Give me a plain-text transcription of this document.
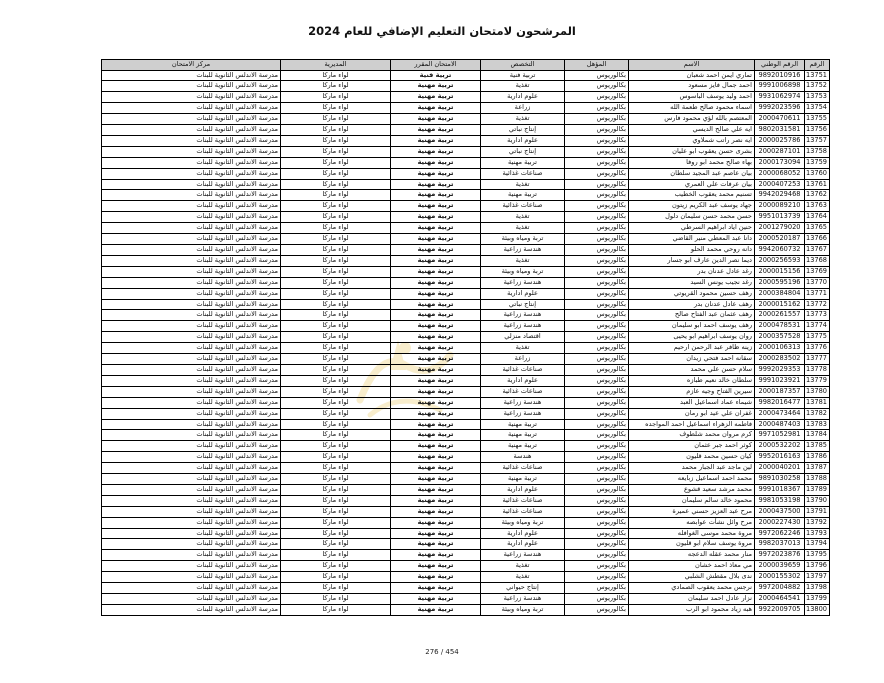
المرشحون لامتحان التعليم الإضافي للعام 2024
الرقم	الرقم الوطني	الاسم	المؤهل	التخصص	الامتحان المقرر	المديرية	مركز الامتحان
13751	9892010916	تماري ايمن احمد شعبان	بكالوريوس	تربية فنية	تربية فنية	لواء ماركا	مدرسة الاندلس الثانوية للبنات
13752	9991006898	احمد جمال فايز مسعود	بكالوريوس	تغذية	تربية مهنية	لواء ماركا	مدرسة الاندلس الثانوية للبنات
13753	9931062974	احمد وليد يوسف الباسوس	بكالوريوس	علوم ادارية	تربية مهنية	لواء ماركا	مدرسة الاندلس الثانوية للبنات
13754	9992023596	اسماء محمود صالح طعمة الله	بكالوريوس	زراعة	تربية مهنية	لواء ماركا	مدرسة الاندلس الثانوية للبنات
13755	2000470611	المعتصم بالله لؤي محمود فارس	بكالوريوس	تغذية	تربية مهنية	لواء ماركا	مدرسة الاندلس الثانوية للبنات
13756	9802031581	ايه علي صالح الديسي	بكالوريوس	إنتاج نباتي	تربية مهنية	لواء ماركا	مدرسة الاندلس الثانوية للبنات
13757	2000025786	ايه نصر راتب شملاوي	بكالوريوس	علوم ادارية	تربية مهنية	لواء ماركا	مدرسة الاندلس الثانوية للبنات
13758	2000287101	بشرى حسن يعقوب ابو عليان	بكالوريوس	إنتاج نباتي	تربية مهنية	لواء ماركا	مدرسة الاندلس الثانوية للبنات
13759	2000173094	بهاء صالح محمد ابو روفا	بكالوريوس	تربية مهنية	تربية مهنية	لواء ماركا	مدرسة الاندلس الثانوية للبنات
13760	2000068052	بيان عاصم عبد المجيد سلطان	بكالوريوس	صناعات غذائية	تربية مهنية	لواء ماركا	مدرسة الاندلس الثانوية للبنات
13761	2000407253	بيان عرفات علي العمري	بكالوريوس	تغذية	تربية مهنية	لواء ماركا	مدرسة الاندلس الثانوية للبنات
13762	9942029468	تسنيم محمد يعقوب الخطيب	بكالوريوس	تربية مهنية	تربية مهنية	لواء ماركا	مدرسة الاندلس الثانوية للبنات
13763	2000089210	جهاد يوسف عبد الكريم زيتون	بكالوريوس	صناعات غذائية	تربية مهنية	لواء ماركا	مدرسة الاندلس الثانوية للبنات
13764	9951013739	حسن محمد حسن سليمان دلول	بكالوريوس	تغذية	تربية مهنية	لواء ماركا	مدرسة الاندلس الثانوية للبنات
13765	2001279020	حنين اياد ابراهيم السرطي	بكالوريوس	تغذية	تربية مهنية	لواء ماركا	مدرسة الاندلس الثانوية للبنات
13766	2000520187	دانا عبد المعطي منير القاضي	بكالوريوس	تربة ومياه وبيئة	تربية مهنية	لواء ماركا	مدرسة الاندلس الثانوية للبنات
13767	9942060732	دانه روحي محمد الحلو	بكالوريوس	هندسة زراعية	تربية مهنية	لواء ماركا	مدرسة الاندلس الثانوية للبنات
13768	2000256593	ديما نصر الدين عارف ابو جسار	بكالوريوس	تغذية	تربية مهنية	لواء ماركا	مدرسة الاندلس الثانوية للبنات
13769	2000015156	رغد عادل عدنان بدر	بكالوريوس	تربة ومياه وبيئة	تربية مهنية	لواء ماركا	مدرسة الاندلس الثانوية للبنات
13770	2000595196	رغد نجيب يونس السيد	بكالوريوس	هندسة زراعية	تربية مهنية	لواء ماركا	مدرسة الاندلس الثانوية للبنات
13771	2000384804	رهف حسين محمود القريوتي	بكالوريوس	علوم ادارية	تربية مهنية	لواء ماركا	مدرسة الاندلس الثانوية للبنات
13772	2000015162	رهف عادل عدنان بدر	بكالوريوس	إنتاج نباتي	تربية مهنية	لواء ماركا	مدرسة الاندلس الثانوية للبنات
13773	2000261557	رهف عثمان عبد الفتاح صالح	بكالوريوس	هندسة زراعية	تربية مهنية	لواء ماركا	مدرسة الاندلس الثانوية للبنات
13774	2000478531	رهف يوسف احمد ابو سليمان	بكالوريوس	هندسة زراعية	تربية مهنية	لواء ماركا	مدرسة الاندلس الثانوية للبنات
13775	2000357528	روان يوسف ابراهيم ابو يحيى	بكالوريوس	اقتصاد منزلي	تربية مهنية	لواء ماركا	مدرسة الاندلس الثانوية للبنات
13776	2000106313	زينه ظافر عبد الرحمن ارحيم	بكالوريوس	تغذية	تربية مهنية	لواء ماركا	مدرسة الاندلس الثانوية للبنات
13777	2000283502	سقانه احمد فتحي زيدان	بكالوريوس	زراعة	تربية مهنية	لواء ماركا	مدرسة الاندلس الثانوية للبنات
13778	9992029353	سلام حسن علي محمد	بكالوريوس	صناعات غذائية	تربية مهنية	لواء ماركا	مدرسة الاندلس الثانوية للبنات
13779	9991023921	سلطان خالد نعيم طبازه	بكالوريوس	علوم ادارية	تربية مهنية	لواء ماركا	مدرسة الاندلس الثانوية للبنات
13780	2000187357	سيرين الفتاح وجيه عازم	بكالوريوس	صناعات غذائية	تربية مهنية	لواء ماركا	مدرسة الاندلس الثانوية للبنات
13781	9982016477	شيماء عماد اسماعيل العبد	بكالوريوس	هندسة زراعية	تربية مهنية	لواء ماركا	مدرسة الاندلس الثانوية للبنات
13782	2000473464	غفران علي عيد ابو رمان	بكالوريوس	هندسة زراعية	تربية مهنية	لواء ماركا	مدرسة الاندلس الثانوية للبنات
13783	2000487403	فاطمه الزهراء اسماعيل احمد المواجده	بكالوريوس	تربية مهنية	تربية مهنية	لواء ماركا	مدرسة الاندلس الثانوية للبنات
13784	9971052981	كرم مروان محمد شلطوف	بكالوريوس	تربية مهنية	تربية مهنية	لواء ماركا	مدرسة الاندلس الثانوية للبنات
13785	2000532202	كوثر احمد جبر عثمان	بكالوريوس	تربية مهنية	تربية مهنية	لواء ماركا	مدرسة الاندلس الثانوية للبنات
13786	9952016163	كيان حسين محمد قليون	بكالوريوس	هندسة	تربية مهنية	لواء ماركا	مدرسة الاندلس الثانوية للبنات
13787	2000040201	لين ماجد عبد الجبار محمد	بكالوريوس	صناعات غذائية	تربية مهنية	لواء ماركا	مدرسة الاندلس الثانوية للبنات
13788	9891030258	محمد احمد اسماعيل زبايعه	بكالوريوس	تربية مهنية	تربية مهنية	لواء ماركا	مدرسة الاندلس الثانوية للبنات
13789	9991018367	محمد مرشد سعيد قشوع	بكالوريوس	علوم ادارية	تربية مهنية	لواء ماركا	مدرسة الاندلس الثانوية للبنات
13790	9981053198	محمود خالد سالم سليمان	بكالوريوس	صناعات غذائية	تربية مهنية	لواء ماركا	مدرسة الاندلس الثانوية للبنات
13791	2000437500	مرح عبد العزيز حسني عميرة	بكالوريوس	صناعات غذائية	تربية مهنية	لواء ماركا	مدرسة الاندلس الثانوية للبنات
13792	2000227430	مرح وائل نشأت عوابصه	بكالوريوس	تربة ومياه وبيئة	تربية مهنية	لواء ماركا	مدرسة الاندلس الثانوية للبنات
13793	9972062246	مروة محمد موسى الغوافله	بكالوريوس	علوم ادارية	تربية مهنية	لواء ماركا	مدرسة الاندلس الثانوية للبنات
13794	9982037013	مروة يوسف سلام ابو قليون	بكالوريوس	علوم ادارية	تربية مهنية	لواء ماركا	مدرسة الاندلس الثانوية للبنات
13795	9972023876	منار محمد عقله الدعجه	بكالوريوس	هندسة زراعية	تربية مهنية	لواء ماركا	مدرسة الاندلس الثانوية للبنات
13796	2000039659	مي معاذ احمد خشان	بكالوريوس	تغذية	تربية مهنية	لواء ماركا	مدرسة الاندلس الثانوية للبنات
13797	2000155302	ندى بلال مقطش الشلبي	بكالوريوس	تغذية	تربية مهنية	لواء ماركا	مدرسة الاندلس الثانوية للبنات
13798	9972004882	نرجس محمد يعقوب الصمادي	بكالوريوس	إنتاج حيواني	تربية مهنية	لواء ماركا	مدرسة الاندلس الثانوية للبنات
13799	2000464541	نزار عادل احمد سليمان	بكالوريوس	هندسة زراعية	تربية مهنية	لواء ماركا	مدرسة الاندلس الثانوية للبنات
13800	9922009705	هبه زياد محمود ابو الرب	بكالوريوس	تربة ومياه وبيئة	تربية مهنية	لواء ماركا	مدرسة الاندلس الثانوية للبنات
276 / 454
